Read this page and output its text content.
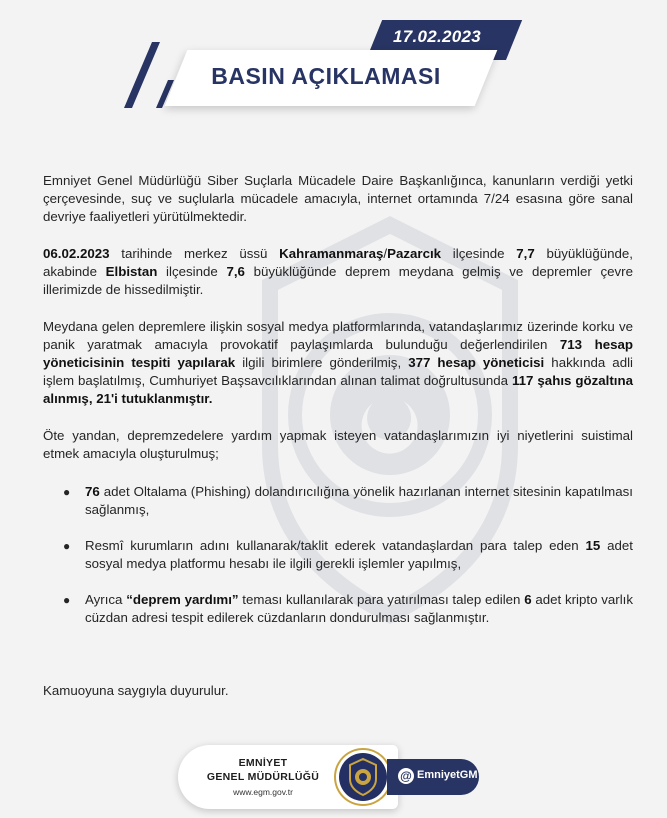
17.02.2023
BASIN AÇIKLAMASI

Emniyet Genel Müdürlüğü Siber Suçlarla Mücadele Daire Başkanlığınca, kanunların verdiği yetki çerçevesinde, suç ve suçlularla mücadele amacıyla, internet ortamında 7/24 esasına göre sanal devriye faaliyetleri yürütülmektedir.

06.02.2023 tarihinde merkez üssü Kahramanmaraş/Pazarcık ilçesinde 7,7 büyüklüğünde, akabinde Elbistan ilçesinde 7,6 büyüklüğünde deprem meydana gelmiş ve depremler çevre illerimizde de hissedilmiştir.

Meydana gelen depremlere ilişkin sosyal medya platformlarında, vatandaşlarımız üzerinde korku ve panik yaratmak amacıyla provokatif paylaşımlarda bulunduğu değerlendirilen 713 hesap yöneticisinin tespiti yapılarak ilgili birimlere gönderilmiş, 377 hesap yöneticisi hakkında adli işlem başlatılmış, Cumhuriyet Başsavcılıklarından alınan talimat doğrultusunda 117 şahıs gözaltına alınmış, 21'i tutuklanmıştır.

Öte yandan, depremzedelere yardım yapmak isteyen vatandaşlarımızın iyi niyetlerini suistimal etmek amacıyla oluşturulmuş;

●	76 adet Oltalama (Phishing) dolandırıcılığına yönelik hazırlanan internet sitesinin kapatılması sağlanmış,
●	Resmî kurumların adını kullanarak/taklit ederek vatandaşlardan para talep eden 15 adet sosyal medya platformu hesabı ile ilgili gerekli işlemler yapılmış,
●	Ayrıca “deprem yardımı” teması kullanılarak para yatırılması talep edilen 6 adet kripto varlık cüzdan adresi tespit edilerek cüzdanların dondurulması sağlanmıştır.
Kamuoyuna saygıyla duyurulur.
EMNİYET
GENEL MÜDÜRLÜĞÜ
www.egm.gov.tr
@ EmniyetGM
